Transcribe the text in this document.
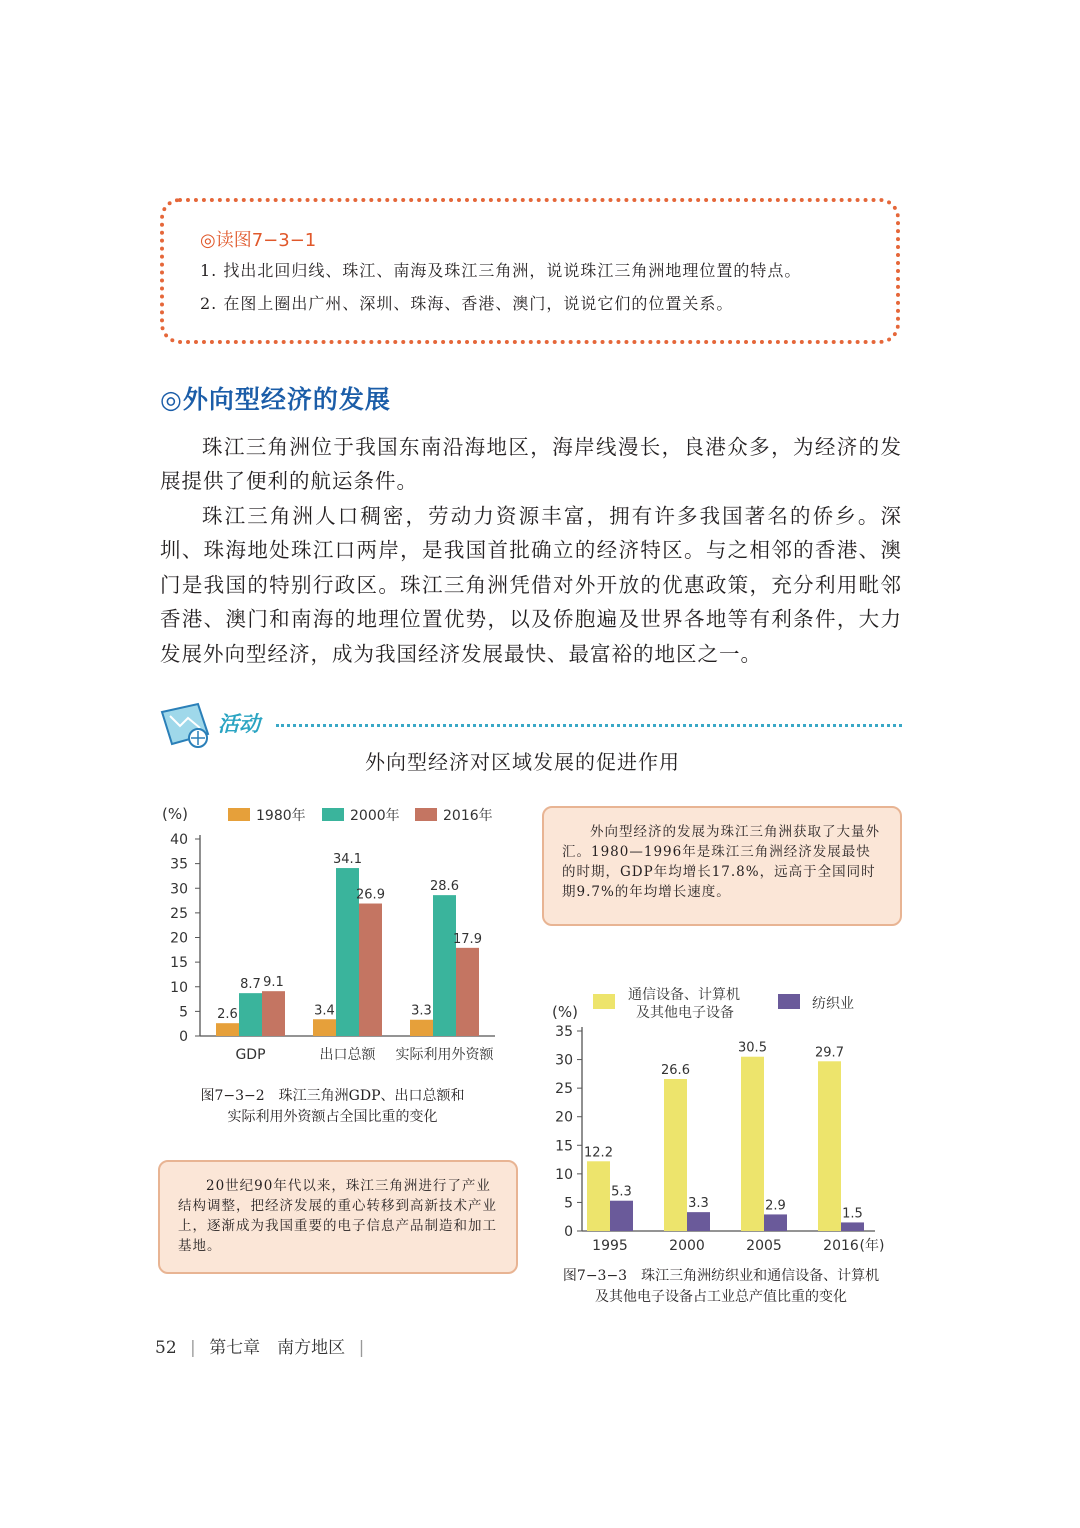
◎读图7−3−1
1. 找出北回归线、珠江、南海及珠江三角洲，说说珠江三角洲地理位置的特点。
2. 在图上圈出广州、深圳、珠海、香港、澳门，说说它们的位置关系。
◎外向型经济的发展

珠江三角洲位于我国东南沿海地区，海岸线漫长，良港众多，为经济的发展提供了便利的航运条件。

珠江三角洲人口稠密，劳动力资源丰富，拥有许多我国著名的侨乡。深圳、珠海地处珠江口两岸，是我国首批确立的经济特区。与之相邻的香港、澳门是我国的特别行政区。珠江三角洲凭借对外开放的优惠政策，充分利用毗邻香港、澳门和南海的地理位置优势，以及侨胞遍及世界各地等有利条件，大力发展外向型经济，成为我国经济发展最快、最富裕的地区之一。

活动
外向型经济对区域发展的促进作用
(%)	1980年	2000年	2016年
0
5
10
15
20
25
30
35
40
2.6
8.7 9.1
GDP
3.4
34.1
26.9
出口总额
3.3
28.6
17.9
实际利用外资额
图7−3−2　珠江三角洲GDP、出口总额和
实际利用外资额占全国比重的变化

外向型经济的发展为珠江三角洲获取了大量外汇。1980—1996年是珠江三角洲经济发展最快的时期，GDP年均增长17.8%，远高于全国同时期9.7%的年均增长速度。

20世纪90年代以来，珠江三角洲进行了产业结构调整，把经济发展的重心转移到高新技术产业上，逐渐成为我国重要的电子信息产品制造和加工基地。

通信设备、计算机
及其他电子设备
纺织业
(%)
0
5
10
15
20
25
30
35
12.2
5.3
1995
26.6
3.3
2000
30.5
2.9
2005
29.7
1.5
2016 (年)
图7−3−3　珠江三角洲纺织业和通信设备、计算机
及其他电子设备占工业总产值比重的变化
52 | 第七章　南方地区 |
